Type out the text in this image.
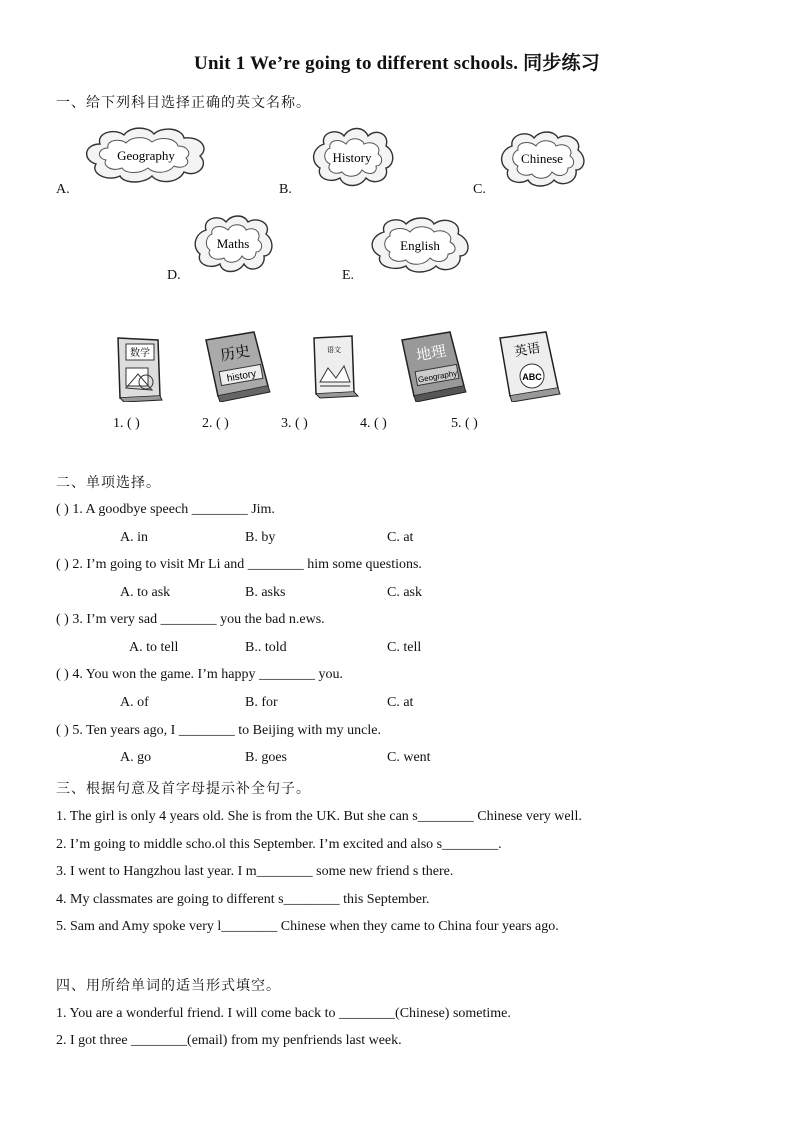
Unit 1 We’re going to different schools. 同步练习
一、给下列科目选择正确的英文名称。
Geography
A.
History
B.
Chinese
C.
Maths
D.
English
E.
数学	历史
history
语文	地理
Geography
英语
ABC
1. ( )	2. ( )	3. ( )	4. ( )	5. ( )
二、单项选择。
( ) 1. A goodbye speech ________ Jim.
A. in	B. by	C. at
( ) 2. I’m going to visit Mr Li and ________ him some questions.
A. to ask	B. asks	C. ask
( ) 3. I’m very sad ________ you the bad n.ews.
A. to tell	B.. told	C. tell
( ) 4. You won the game. I’m happy ________ you.
A. of	B. for	C. at
( ) 5. Ten years ago, I ________ to Beijing with my uncle.
A. go	B. goes	C. went
三、根据句意及首字母提示补全句子。
1. The girl is only 4 years old. She is from the UK. But she can s________ Chinese very well.
2. I’m going to middle scho.ol this September. I’m excited and also s________.
3. I went to Hangzhou last year. I m________ some new friend s there.
4. My classmates are going to different s________ this September.
5. Sam and Amy spoke very l________ Chinese when they came to China four years ago.
四、用所给单词的适当形式填空。
1. You are a wonderful friend. I will come back to ________(Chinese) sometime.
2. I got three ________(email) from my penfriends last week.
